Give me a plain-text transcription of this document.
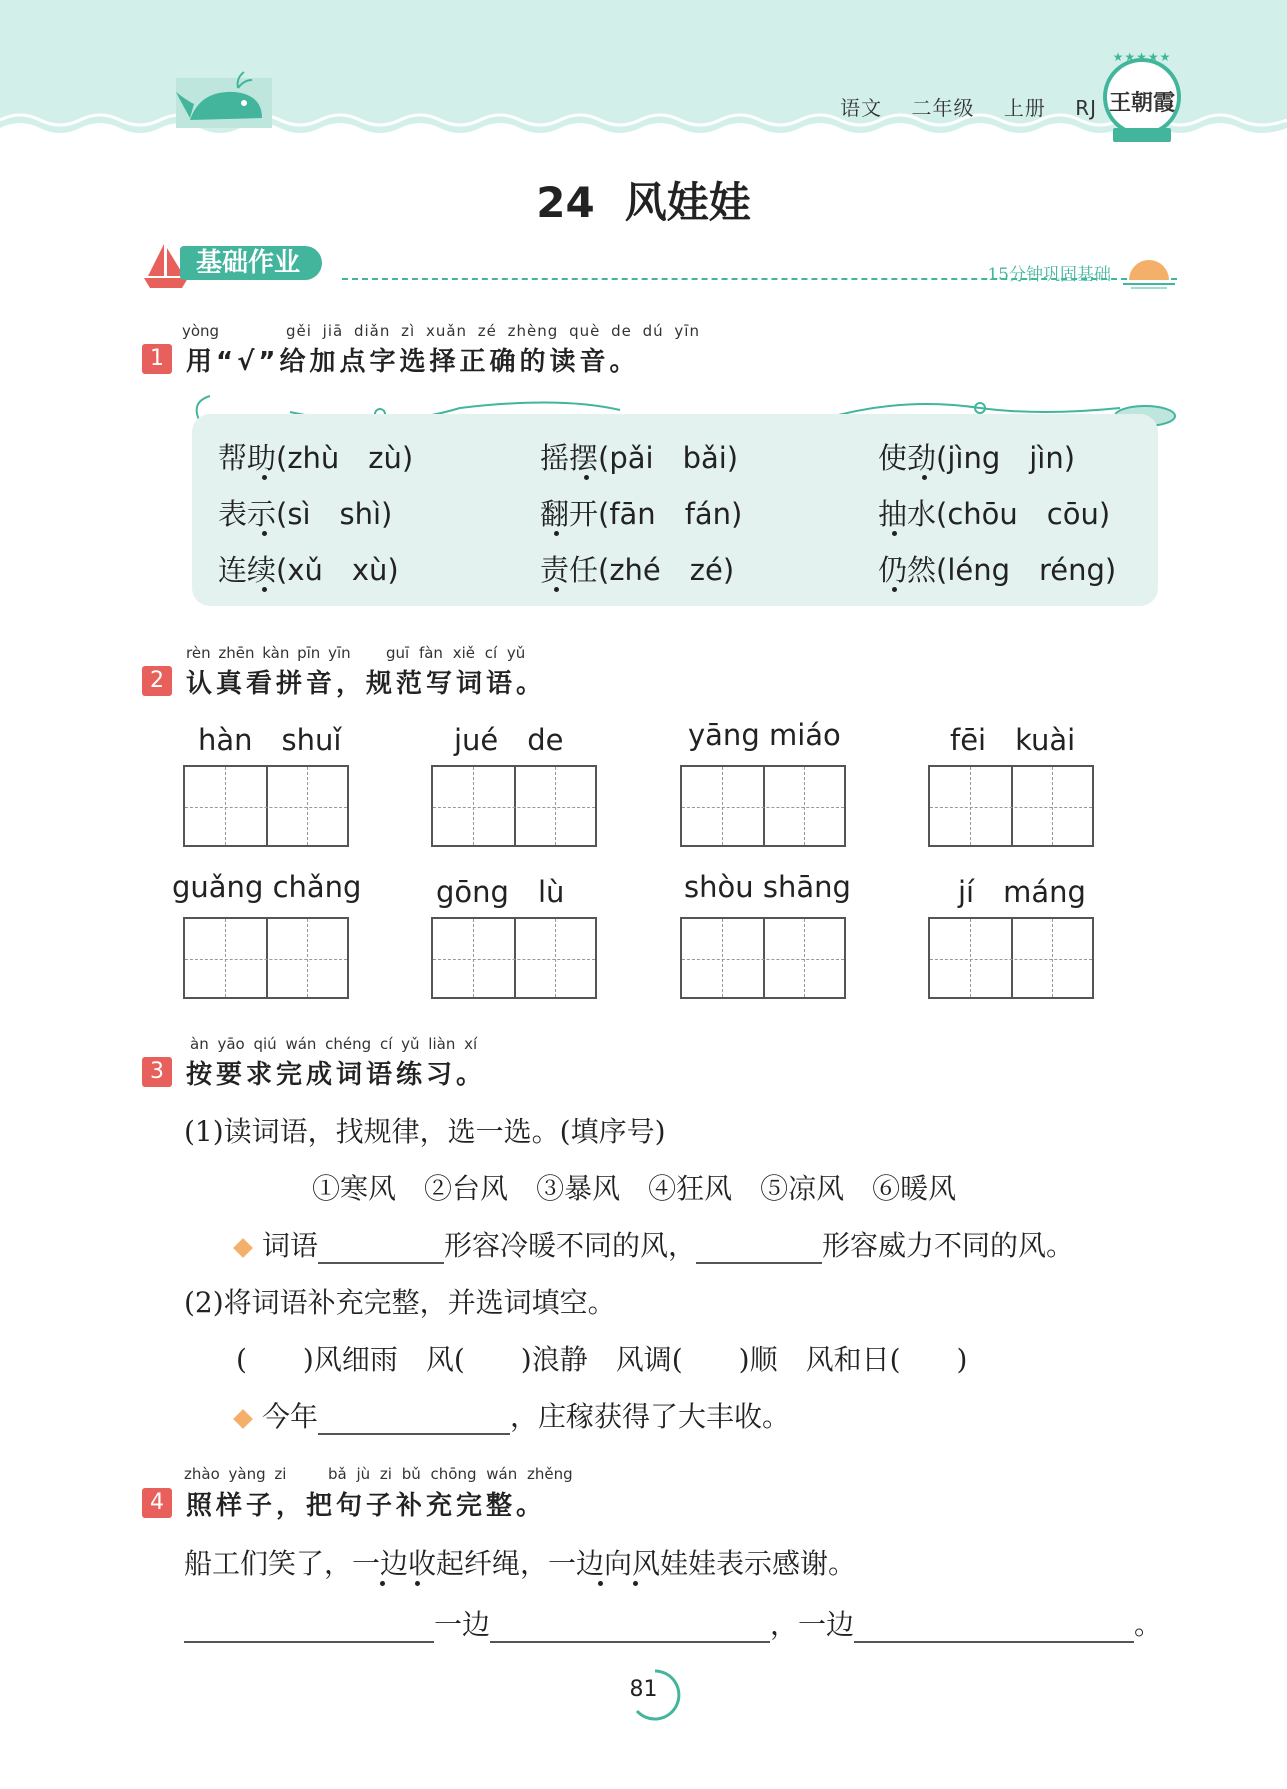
语文 二年级 上册 RJ
★★★★★
王朝霞
24 风娃娃
基础作业	15分钟巩固基础
yòng	gěi jiā diǎn zì xuǎn zé zhèng què de dú yīn
1 用“√”给加点字选择正确的读音。
帮助(zhù　zù)	摇摆(pǎi　bǎi)	使劲(jìng　jìn)
表示(sì　shì)	翻开(fān　fán)	抽水(chōu　cōu)
连续(xǔ　xù)	责任(zhé　zé)	仍然(léng　réng)
rèn zhēn kàn pīn yīn guī fàn xiě cí yǔ
2 认真看拼音，规范写词语。
hàn　shuǐ	jué　de	yāng miáo	fēi　kuài
guǎng chǎng	gōng　lù	shòu shāng	jí　máng
àn yāo qiú wán chéng cí yǔ liàn xí
3 按要求完成词语练习。
(1)读词语，找规律，选一选。(填序号)
①寒风　 ②台风　 ③暴风　 ④狂风　 ⑤凉风　 ⑥暖风
词语	形容冷暖不同的风，	形容威力不同的风。
(2)将词语补充完整，并选词填空。
(　　)风细雨　 风(　　)浪静　 风调(　　)顺　 风和日(　　)
今年	，庄稼获得了大丰收。
zhào yàng zi	bǎ jù zi bǔ chōng wán zhěng
4 照样子，把句子补充完整。
船工们笑了，一边收起纤绳，一边向风娃娃表示感谢。
一边	，一边	。
81
